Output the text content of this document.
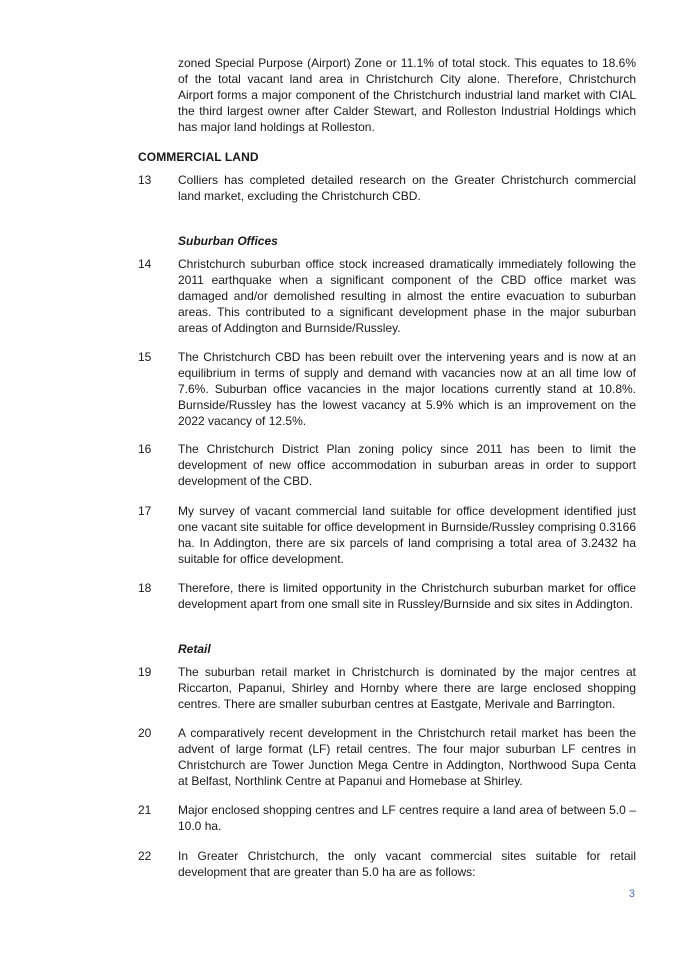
zoned Special Purpose (Airport) Zone or 11.1% of total stock. This equates to 18.6% of the total vacant land area in Christchurch City alone. Therefore, Christchurch Airport forms a major component of the Christchurch industrial land market with CIAL the third largest owner after Calder Stewart, and Rolleston Industrial Holdings which has major land holdings at Rolleston.

COMMERCIAL LAND

13	Colliers has completed detailed research on the Greater Christchurch commercial land market, excluding the Christchurch CBD.

Suburban Offices

14	Christchurch suburban office stock increased dramatically immediately following the 2011 earthquake when a significant component of the CBD office market was damaged and/or demolished resulting in almost the entire evacuation to suburban areas. This contributed to a significant development phase in the major suburban areas of Addington and Burnside/Russley.
15	The Christchurch CBD has been rebuilt over the intervening years and is now at an equilibrium in terms of supply and demand with vacancies now at an all time low of 7.6%. Suburban office vacancies in the major locations currently stand at 10.8%. Burnside/Russley has the lowest vacancy at 5.9% which is an improvement on the 2022 vacancy of 12.5%.
16	The Christchurch District Plan zoning policy since 2011 has been to limit the development of new office accommodation in suburban areas in order to support development of the CBD.
17	My survey of vacant commercial land suitable for office development identified just one vacant site suitable for office development in Burnside/Russley comprising 0.3166 ha. In Addington, there are six parcels of land comprising a total area of 3.2432 ha suitable for office development.
18	Therefore, there is limited opportunity in the Christchurch suburban market for office development apart from one small site in Russley/Burnside and six sites in Addington.

Retail

19	The suburban retail market in Christchurch is dominated by the major centres at Riccarton, Papanui, Shirley and Hornby where there are large enclosed shopping centres. There are smaller suburban centres at Eastgate, Merivale and Barrington.
20	A comparatively recent development in the Christchurch retail market has been the advent of large format (LF) retail centres. The four major suburban LF centres in Christchurch are Tower Junction Mega Centre in Addington, Northwood Supa Centa at Belfast, Northlink Centre at Papanui and Homebase at Shirley.
21	Major enclosed shopping centres and LF centres require a land area of between 5.0 – 10.0 ha.
22	In Greater Christchurch, the only vacant commercial sites suitable for retail development that are greater than 5.0 ha are as follows:
3
